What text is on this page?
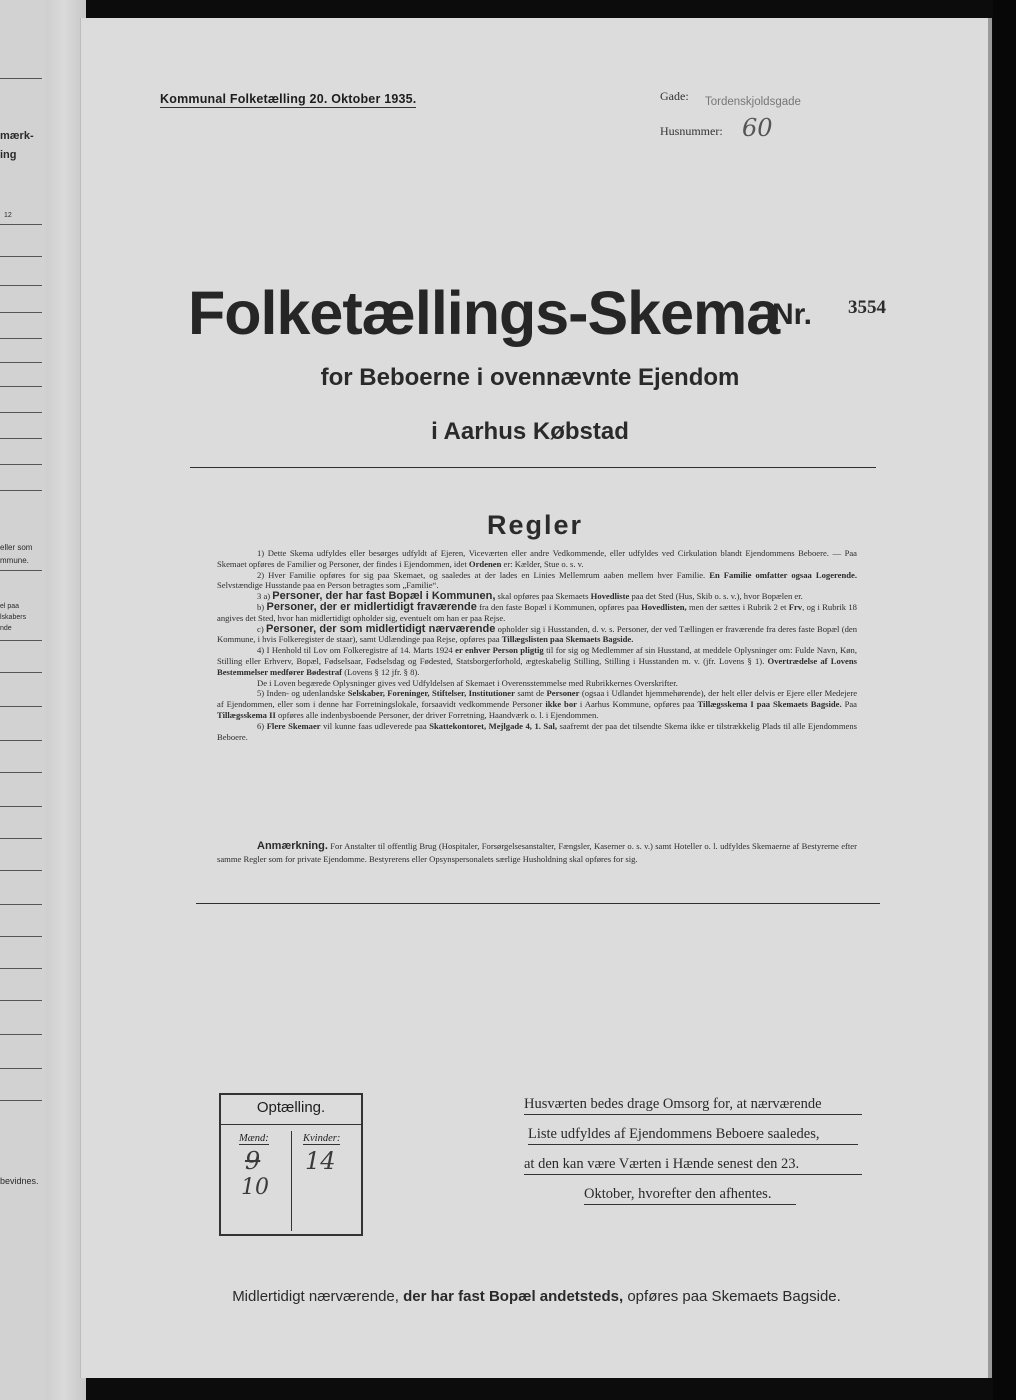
mærk-
ing
12
eller som
mmune.
el paa
lskabers
nde
bevidnes.
Kommunal Folketælling 20. Oktober 1935.	Gade: Tordenskjoldsgade
Husnummer: 60
Folketællings-Skema
Nr. 3554
for Beboerne i ovennævnte Ejendom
i Aarhus Købstad
Regler

1) Dette Skema udfyldes eller besørges udfyldt af Ejeren, Viceværten eller andre Vedkommende, eller udfyldes ved Cirkulation blandt Ejendommens Beboere. — Paa Skemaet opføres de Familier og Personer, der findes i Ejendommen, idet Ordenen er: Kælder, Stue o. s. v.

2) Hver Familie opføres for sig paa Skemaet, og saaledes at der lades en Linies Mellemrum aaben mellem hver Familie. En Familie omfatter ogsaa Logerende. Selvstændige Husstande paa en Person betragtes som „Familie“.

3 a) Personer, der har fast Bopæl i Kommunen, skal opføres paa Skemaets Hovedliste paa det Sted (Hus, Skib o. s. v.), hvor Bopælen er.

b) Personer, der er midlertidigt fraværende fra den faste Bopæl i Kommunen, opføres paa Hovedlisten, men der sættes i Rubrik 2 et Frv, og i Rubrik 18 angives det Sted, hvor han midlertidigt opholder sig, eventuelt om han er paa Rejse.

c) Personer, der som midlertidigt nærværende opholder sig i Husstanden, d. v. s. Personer, der ved Tællingen er fraværende fra deres faste Bopæl (den Kommune, i hvis Folkeregister de staar), samt Udlændinge paa Rejse, opføres paa Tillægslisten paa Skemaets Bagside.

4) I Henhold til Lov om Folkeregistre af 14. Marts 1924 er enhver Person pligtig til for sig og Medlemmer af sin Husstand, at meddele Oplysninger om: Fulde Navn, Køn, Stilling eller Erhverv, Bopæl, Fødselsaar, Fødselsdag og Fødested, Statsborgerforhold, ægteskabelig Stilling, Stilling i Husstanden m. v. (jfr. Lovens § 1). Overtrædelse af Lovens Bestemmelser medfører Bødestraf (Lovens § 12 jfr. § 8).

De i Loven begærede Oplysninger gives ved Udfyldelsen af Skemaet i Overensstemmelse med Rubrikkernes Overskrifter.

5) Inden- og udenlandske Selskaber, Foreninger, Stiftelser, Institutioner samt de Personer (ogsaa i Udlandet hjemmehørende), der helt eller delvis er Ejere eller Medejere af Ejendommen, eller som i denne har Forretningslokale, forsaavidt vedkommende Personer ikke bor i Aarhus Kommune, opføres paa Tillægsskema I paa Skemaets Bagside. Paa Tillægsskema II opføres alle indenbysboende Personer, der driver Forretning, Haandværk o. l. i Ejendommen.

6) Flere Skemaer vil kunne faas udleverede paa Skattekontoret, Mejlgade 4, 1. Sal, saafremt der paa det tilsendte Skema ikke er tilstrækkelig Plads til alle Ejendommens Beboere.

Anmærkning. For Anstalter til offentlig Brug (Hospitaler, Forsørgelsesanstalter, Fængsler, Kaserner o. s. v.) samt Hoteller o. l. udfyldes Skemaerne af Bestyrerne efter samme Regler som for private Ejendomme. Bestyrerens eller Opsynspersonalets særlige Husholdning skal opføres for sig.

Optælling.
Mænd:	Kvinder:
9
10
14
Husværten bedes drage Omsorg for, at nærværende
Liste udfyldes af Ejendommens Beboere saaledes,
at den kan være Værten i Hænde senest den 23.
Oktober, hvorefter den afhentes.
Midlertidigt nærværende, der har fast Bopæl andetsteds, opføres paa Skemaets Bagside.
